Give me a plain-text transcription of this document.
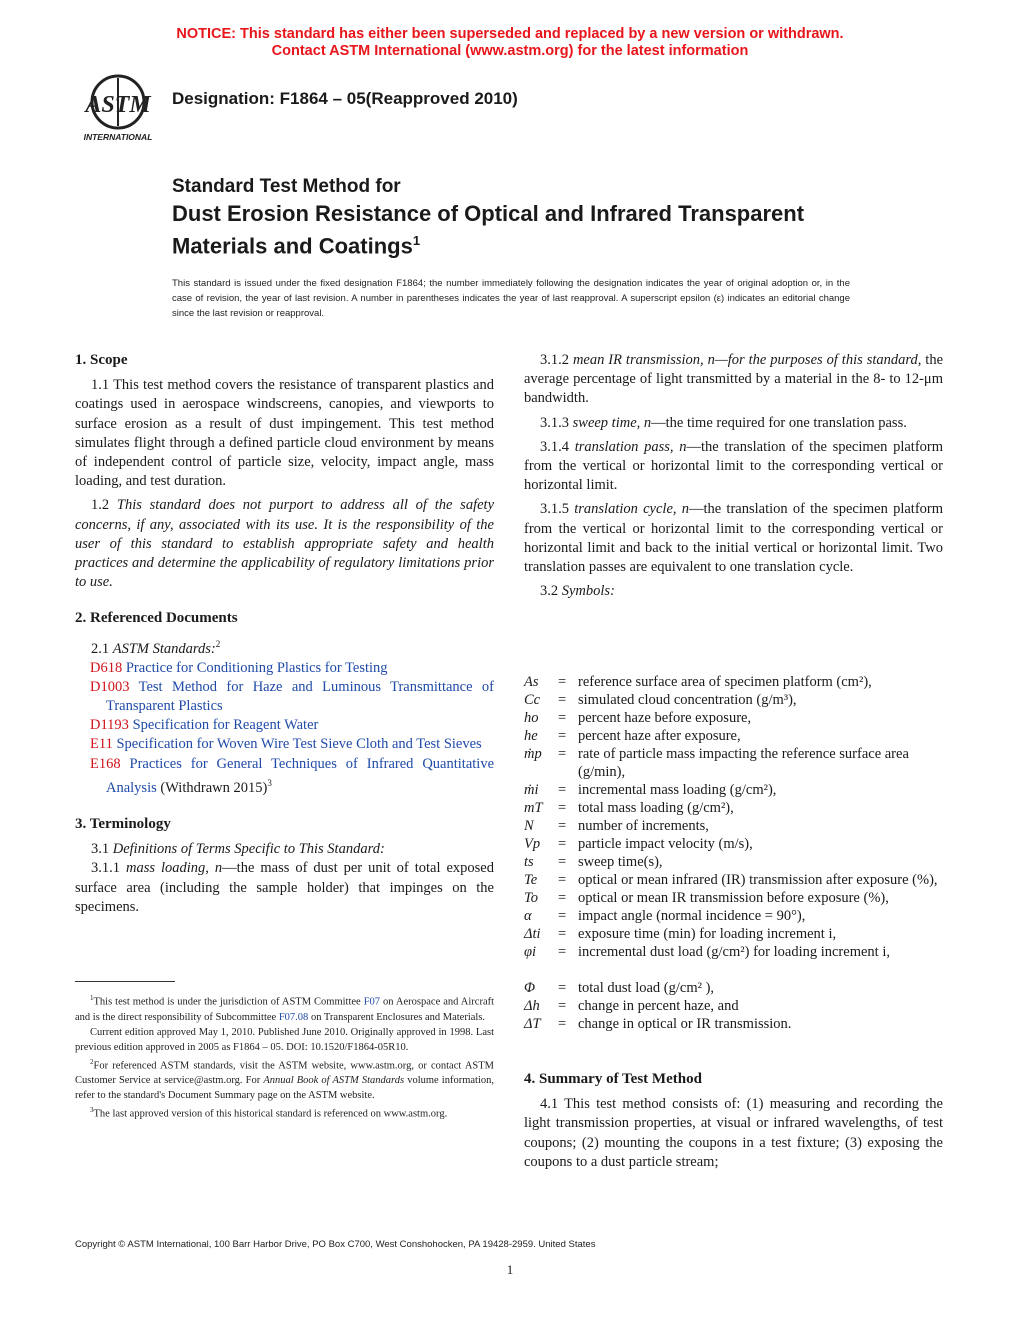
NOTICE: This standard has either been superseded and replaced by a new version or withdrawn.
Contact ASTM International (www.astm.org) for the latest information
ASTM
INTERNATIONAL
Designation: F1864 – 05(Reapproved 2010)
Standard Test Method for
Dust Erosion Resistance of Optical and Infrared Transparent Materials and Coatings$^1$
This standard is issued under the fixed designation F1864; the number immediately following the designation indicates the year of original adoption or, in the case of revision, the year of last revision. A number in parentheses indicates the year of last reapproval. A superscript epsilon (ε) indicates an editorial change since the last revision or reapproval.
1. Scope
1.1 This test method covers the resistance of transparent plastics and coatings used in aerospace windscreens, canopies, and viewports to surface erosion as a result of dust impingement. This test method simulates flight through a defined particle cloud environment by means of independent control of particle size, velocity, impact angle, mass loading, and test duration.
1.2 This standard does not purport to address all of the safety concerns, if any, associated with its use. It is the responsibility of the user of this standard to establish appropriate safety and health practices and determine the applicability of regulatory limitations prior to use.
2. Referenced Documents
2.1 ASTM Standards:$^2$
D618 Practice for Conditioning Plastics for Testing
D1003 Test Method for Haze and Luminous Transmittance of Transparent Plastics
D1193 Specification for Reagent Water
E11 Specification for Woven Wire Test Sieve Cloth and Test Sieves
E168 Practices for General Techniques of Infrared Quantitative Analysis (Withdrawn 2015)$^3$
3. Terminology
3.1 Definitions of Terms Specific to This Standard:
3.1.1 mass loading, n—the mass of dust per unit of total exposed surface area (including the sample holder) that impinges on the specimens.
$^1$This test method is under the jurisdiction of ASTM Committee F07 on Aerospace and Aircraft and is the direct responsibility of Subcommittee F07.08 on Transparent Enclosures and Materials.
Current edition approved May 1, 2010. Published June 2010. Originally approved in 1998. Last previous edition approved in 2005 as F1864 – 05. DOI: 10.1520/F1864-05R10.
$^2$For referenced ASTM standards, visit the ASTM website, www.astm.org, or contact ASTM Customer Service at service@astm.org. For Annual Book of ASTM Standards volume information, refer to the standard's Document Summary page on the ASTM website.
$^3$The last approved version of this historical standard is referenced on www.astm.org.
3.1.2 mean IR transmission, n—for the purposes of this standard, the average percentage of light transmitted by a material in the 8- to 12-μm bandwidth.
3.1.3 sweep time, n—the time required for one translation pass.
3.1.4 translation pass, n—the translation of the specimen platform from the vertical or horizontal limit to the corresponding vertical or horizontal limit.
3.1.5 translation cycle, n—the translation of the specimen platform from the vertical or horizontal limit to the corresponding vertical or horizontal limit and back to the initial vertical or horizontal limit. Two translation passes are equivalent to one translation cycle.
3.2 Symbols:
As	= reference surface area of specimen platform (cm²),
Cc	= simulated cloud concentration (g/m³),
ho	= percent haze before exposure,
he	= percent haze after exposure,
ṁp	= rate of particle mass impacting the reference surface area (g/min),
ṁi	= incremental mass loading (g/cm²),
mT	= total mass loading (g/cm²),
N	= number of increments,
Vp	= particle impact velocity (m/s),
ts	= sweep time(s),
Te	= optical or mean infrared (IR) transmission after exposure (%),
To	= optical or mean IR transmission before exposure (%),
α	= impact angle (normal incidence = 90°),
Δti	= exposure time (min) for loading increment i,
φi	= incremental dust load (g/cm²) for loading increment i,
Φ	= total dust load (g/cm² ),
Δh	= change in percent haze, and
ΔT	= change in optical or IR transmission.
4. Summary of Test Method
4.1 This test method consists of: (1) measuring and recording the light transmission properties, at visual or infrared wavelengths, of test coupons; (2) mounting the coupons in a test fixture; (3) exposing the coupons to a dust particle stream;
Copyright © ASTM International, 100 Barr Harbor Drive, PO Box C700, West Conshohocken, PA 19428-2959. United States
1
